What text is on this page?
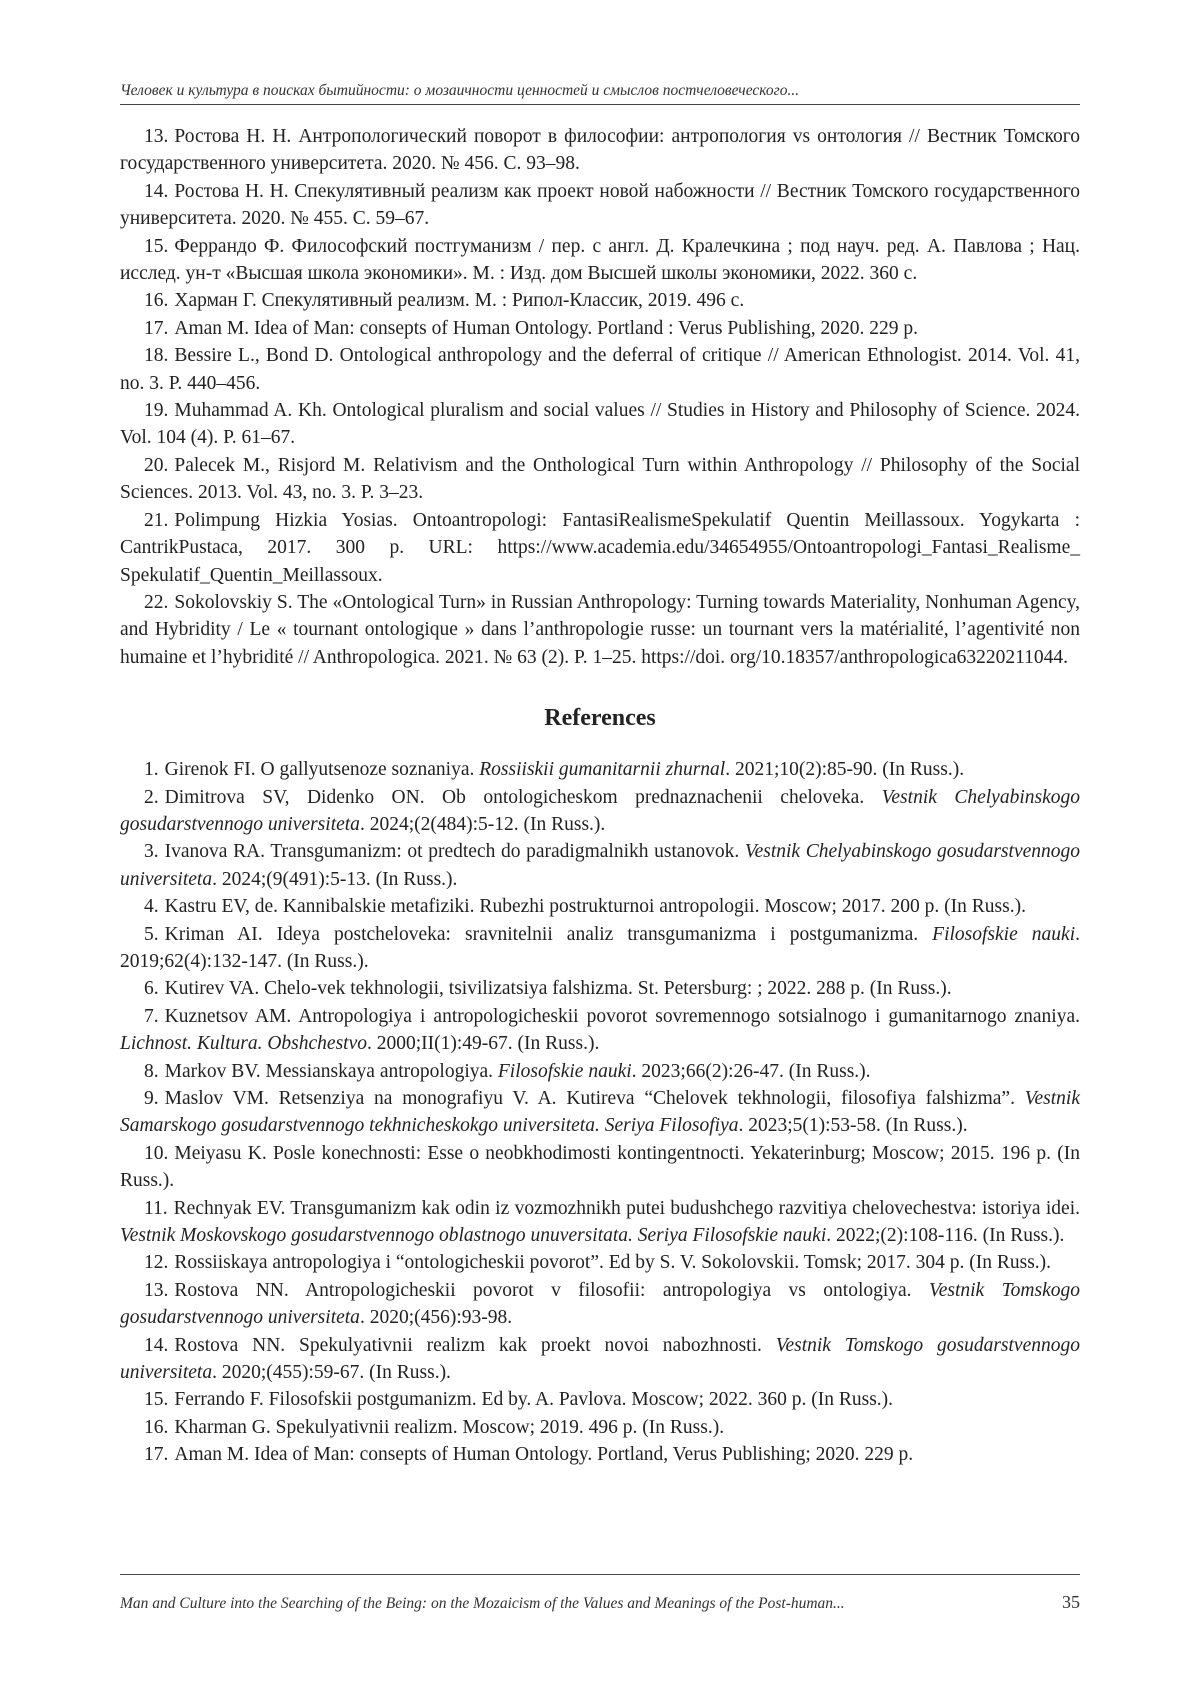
Человек и культура в поисках бытийности: о мозаичности ценностей и смыслов постчеловеческого...

13. Ростова Н. Н. Антропологический поворот в философии: антропология vs онтология // Вестник Томского государственного университета. 2020. № 456. С. 93–98.

14. Ростова Н. Н. Спекулятивный реализм как проект новой набожности // Вестник Томского государственного университета. 2020. № 455. С. 59–67.

15. Феррандо Ф. Философский постгуманизм / пер. с англ. Д. Кралечкина ; под науч. ред. А. Павлова ; Нац. исслед. ун-т «Высшая школа экономики». М. : Изд. дом Высшей школы экономики, 2022. 360 с.

16. Харман Г. Спекулятивный реализм. М. : Рипол-Классик, 2019. 496 с.

17. Aman M. Idea of Man: consepts of Human Ontology. Portland : Verus Publishing, 2020. 229 p.

18. Bessire L., Bond D. Ontological anthropology and the deferral of critique // American Ethnologist. 2014. Vol. 41, no. 3. P. 440–456.

19. Muhammad A. Kh. Ontological pluralism and social values // Studies in History and Philosophy of Science. 2024. Vol. 104 (4). P. 61–67.

20. Palecek M., Risjord M. Relativism and the Onthological Turn within Anthropology // Philosophy of the Social Sciences. 2013. Vol. 43, no. 3. P. 3–23.

21. Polimpung Hizkia Yosias. Ontoantropologi: FantasiRealismeSpekulatif Quentin Meillassoux. Yogykarta : CantrikPustaca, 2017. 300 p. URL: https://www.academia.edu/34654955/Ontoantropologi_Fantasi_Realisme_ Spekulatif_Quentin_Meillassoux.

22. Sokolovskiy S. The «Ontological Turn» in Russian Anthropology: Turning towards Materiality, Nonhuman Agency, and Hybridity / Le « tournant ontologique » dans l’anthropologie russe: un tournant vers la matérialité, l’agentivité non humaine et l’hybridité // Anthropologica. 2021. № 63 (2). P. 1–25. https://doi. org/10.18357/anthropologica63220211044.

References

1. Girenok FI. O gallyutsenoze soznaniya. Rossiiskii gumanitarnii zhurnal. 2021;10(2):85-90. (In Russ.).

2. Dimitrova SV, Didenko ON. Ob ontologicheskom prednaznachenii cheloveka. Vestnik Chelyabinskogo gosudarstvennogo universiteta. 2024;(2(484):5-12. (In Russ.).

3. Ivanova RA. Transgumanizm: ot predtech do paradigmalnikh ustanovok. Vestnik Chelyabinskogo gosudarstvennogo universiteta. 2024;(9(491):5-13. (In Russ.).

4. Kastru EV, de. Kannibalskie metafiziki. Rubezhi postrukturnoi antropologii. Moscow; 2017. 200 p. (In Russ.).

5. Kriman AI. Ideya postcheloveka: sravnitelnii analiz transgumanizma i postgumanizma. Filosofskie nauki. 2019;62(4):132-147. (In Russ.).

6. Kutirev VA. Chelo-vek tekhnologii, tsivilizatsiya falshizma. St. Petersburg: ; 2022. 288 p. (In Russ.).

7. Kuznetsov AM. Antropologiya i antropologicheskii povorot sovremennogo sotsialnogo i gumanitarnogo znaniya. Lichnost. Kultura. Obshchestvo. 2000;II(1):49-67. (In Russ.).

8. Markov BV. Messianskaya antropologiya. Filosofskie nauki. 2023;66(2):26-47. (In Russ.).

9. Maslov VM. Retsenziya na monografiyu V. A. Kutireva “Chelovek tekhnologii, filosofiya falshizma”. Vestnik Samarskogo gosudarstvennogo tekhnicheskokgo universiteta. Seriya Filosofiya. 2023;5(1):53-58. (In Russ.).

10. Meiyasu K. Posle konechnosti: Esse o neobkhodimosti kontingentnocti. Yekaterinburg; Moscow; 2015. 196 p. (In Russ.).

11. Rechnyak EV. Transgumanizm kak odin iz vozmozhnikh putei budushchego razvitiya chelovechestva: istoriya idei. Vestnik Moskovskogo gosudarstvennogo oblastnogo unuversitata. Seriya Filosofskie nauki. 2022;(2):108-116. (In Russ.).

12. Rossiiskaya antropologiya i “ontologicheskii povorot”. Ed by S. V. Sokolovskii. Tomsk; 2017. 304 p. (In Russ.).

13. Rostova NN. Antropologicheskii povorot v filosofii: antropologiya vs ontologiya. Vestnik Tomskogo gosudarstvennogo universiteta. 2020;(456):93-98.

14. Rostova NN. Spekulyativnii realizm kak proekt novoi nabozhnosti. Vestnik Tomskogo gosudarstvennogo universiteta. 2020;(455):59-67. (In Russ.).

15. Ferrando F. Filosofskii postgumanizm. Ed by. A. Pavlova. Moscow; 2022. 360 p. (In Russ.).

16. Kharman G. Spekulyativnii realizm. Moscow; 2019. 496 p. (In Russ.).

17. Aman M. Idea of Man: consepts of Human Ontology. Portland, Verus Publishing; 2020. 229 p.

Man and Culture into the Searching of the Being: on the Mozaicism of the Values and Meanings of the Post-human...	35
